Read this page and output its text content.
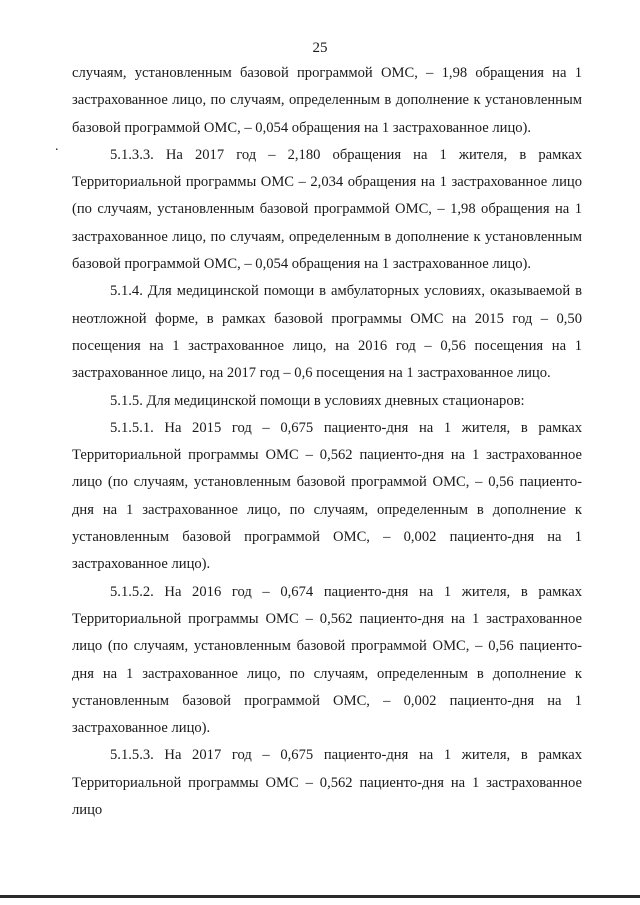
25
.

случаям, установленным базовой программой ОМС, – 1,98 обращения на 1 застрахованное лицо, по случаям, определенным в дополнение к установленным базовой программой ОМС, – 0,054 обращения на 1 застрахованное лицо).

5.1.3.3. На 2017 год – 2,180 обращения на 1 жителя, в рамках Территориальной программы ОМС – 2,034 обращения на 1 застрахованное лицо (по случаям, установленным базовой программой ОМС, – 1,98 обращения на 1 застрахованное лицо, по случаям, определенным в дополнение к установленным базовой программой ОМС, – 0,054 обращения на 1 застрахованное лицо).

5.1.4. Для медицинской помощи в амбулаторных условиях, оказываемой в неотложной форме, в рамках базовой программы ОМС на 2015 год – 0,50 посещения на 1 застрахованное лицо, на 2016 год – 0,56 посещения на 1 застрахованное лицо, на 2017 год – 0,6 посещения на 1 застрахованное лицо.

5.1.5. Для медицинской помощи в условиях дневных стационаров:

5.1.5.1. На 2015 год – 0,675 пациенто-дня на 1 жителя, в рамках Территориальной программы ОМС – 0,562 пациенто-дня на 1 застрахованное лицо (по случаям, установленным базовой программой ОМС, – 0,56 пациенто-дня на 1 застрахованное лицо, по случаям, определенным в дополнение к установленным базовой программой ОМС, – 0,002 пациенто-дня на 1 застрахованное лицо).

5.1.5.2. На 2016 год – 0,674 пациенто-дня на 1 жителя, в рамках Территориальной программы ОМС – 0,562 пациенто-дня на 1 застрахованное лицо (по случаям, установленным базовой программой ОМС, – 0,56 пациенто-дня на 1 застрахованное лицо, по случаям, определенным в дополнение к установленным базовой программой ОМС, – 0,002 пациенто-дня на 1 застрахованное лицо).

5.1.5.3. На 2017 год – 0,675 пациенто-дня на 1 жителя, в рамках Территориальной программы ОМС – 0,562 пациенто-дня на 1 застрахованное лицо
